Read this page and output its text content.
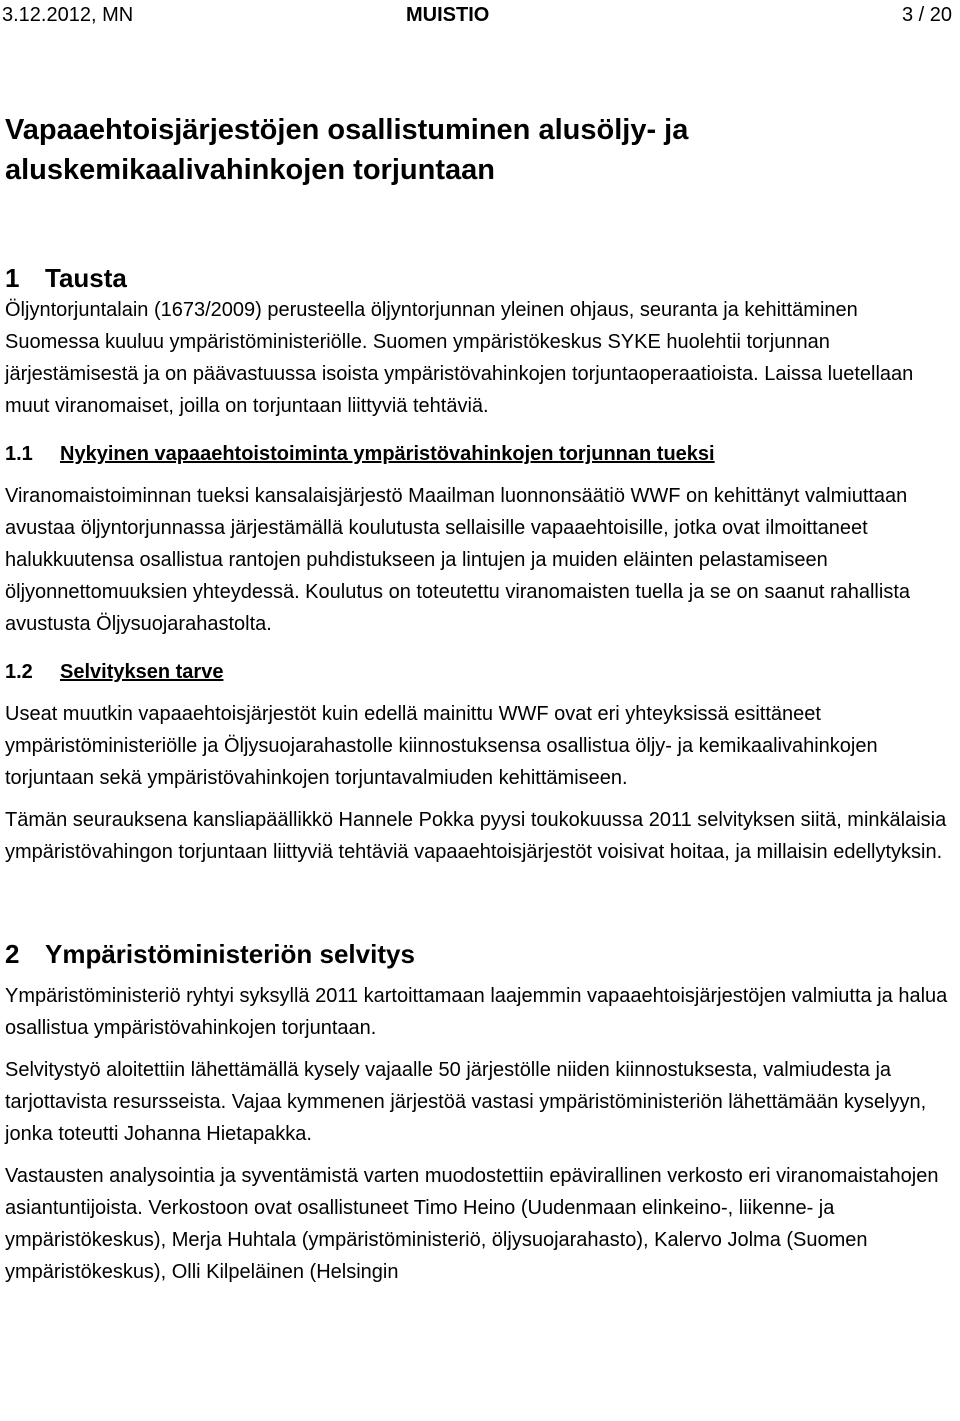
3.12.2012, MN	MUISTIO	3 / 20
Vapaaehtoisjärjestöjen osallistuminen alusöljy- ja aluskemikaalivahinkojen torjuntaan
1 Tausta

Öljyntorjuntalain (1673/2009) perusteella öljyntorjunnan yleinen ohjaus, seuranta ja kehittäminen Suomessa kuuluu ympäristöministeriölle. Suomen ympäristökeskus SYKE huolehtii torjunnan järjestämisestä ja on päävastuussa isoista ympäristövahinkojen torjuntaoperaatioista. Laissa luetellaan muut viranomaiset, joilla on torjuntaan liittyviä tehtäviä.

1.1 Nykyinen vapaaehtoistoiminta ympäristövahinkojen torjunnan tueksi

Viranomaistoiminnan tueksi kansalaisjärjestö Maailman luonnonsäätiö WWF on kehittänyt valmiuttaan avustaa öljyntorjunnassa järjestämällä koulutusta sellaisille vapaaehtoisille, jotka ovat ilmoittaneet halukkuutensa osallistua rantojen puhdistukseen ja lintujen ja muiden eläinten pelastamiseen öljyonnettomuuksien yhteydessä. Koulutus on toteutettu viranomaisten tuella ja se on saanut rahallista avustusta Öljysuojarahastolta.

1.2 Selvityksen tarve

Useat muutkin vapaaehtoisjärjestöt kuin edellä mainittu WWF ovat eri yhteyksissä esittäneet ympäristöministeriölle ja Öljysuojarahastolle kiinnostuksensa osallistua öljy- ja kemikaalivahinkojen torjuntaan sekä ympäristövahinkojen torjuntavalmiuden kehittämiseen.

Tämän seurauksena kansliapäällikkö Hannele Pokka pyysi toukokuussa 2011 selvityksen siitä, minkälaisia ympäristövahingon torjuntaan liittyviä tehtäviä vapaaehtoisjärjestöt voisivat hoitaa, ja millaisin edellytyksin.

2 Ympäristöministeriön selvitys

Ympäristöministeriö ryhtyi syksyllä 2011 kartoittamaan laajemmin vapaaehtoisjärjestöjen valmiutta ja halua osallistua ympäristövahinkojen torjuntaan.

Selvitystyö aloitettiin lähettämällä kysely vajaalle 50 järjestölle niiden kiinnostuksesta, valmiudesta ja tarjottavista resursseista. Vajaa kymmenen järjestöä vastasi ympäristöministeriön lähettämään kyselyyn, jonka toteutti Johanna Hietapakka.

Vastausten analysointia ja syventämistä varten muodostettiin epävirallinen verkosto eri viranomaistahojen asiantuntijoista. Verkostoon ovat osallistuneet Timo Heino (Uudenmaan elinkeino-, liikenne- ja ympäristökeskus), Merja Huhtala (ympäristöministeriö, öljysuojarahasto), Kalervo Jolma (Suomen ympäristökeskus), Olli Kilpeläinen (Helsingin
